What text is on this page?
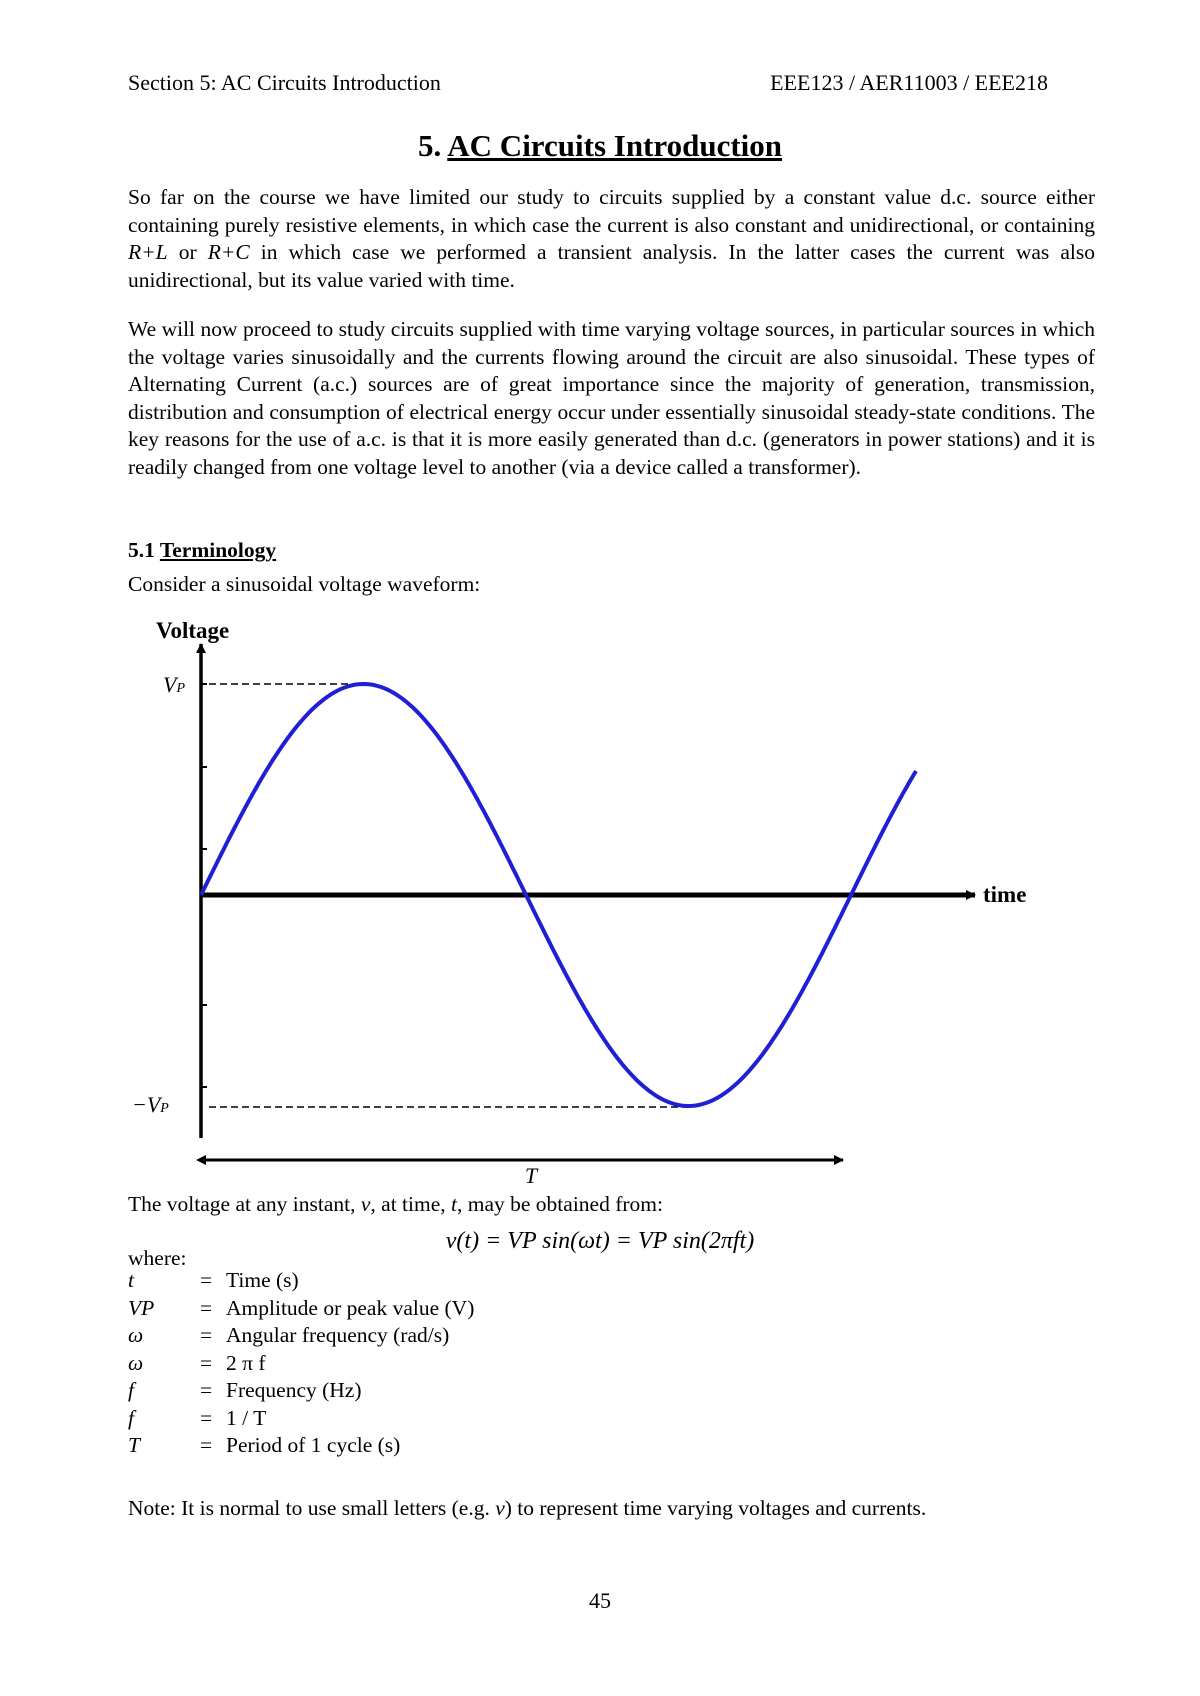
Section 5: AC Circuits Introduction	EEE123 / AER11003 / EEE218
5. AC Circuits Introduction

So far on the course we have limited our study to circuits supplied by a constant value d.c. source either containing purely resistive elements, in which case the current is also constant and unidirectional, or containing R+L or R+C in which case we performed a transient analysis. In the latter cases the current was also unidirectional, but its value varied with time.

We will now proceed to study circuits supplied with time varying voltage sources, in particular sources in which the voltage varies sinusoidally and the currents flowing around the circuit are also sinusoidal. These types of Alternating Current (a.c.) sources are of great importance since the majority of generation, transmission, distribution and consumption of electrical energy occur under essentially sinusoidal steady-state conditions. The key reasons for the use of a.c. is that it is more easily generated than d.c. (generators in power stations) and it is readily changed from one voltage level to another (via a device called a transformer).

5.1 Terminology
Consider a sinusoidal voltage waveform:
Voltage
time
VP
−VP
T
The voltage at any instant, v, at time, t, may be obtained from:
v(t) = VP sin(ωt) = VP sin(2πft)
where:
t	= Time (s)
VP	= Amplitude or peak value (V)
ω	= Angular frequency (rad/s)
ω	= 2 π f
f	= Frequency (Hz)
f	= 1 / T
T	= Period of 1 cycle (s)
Note: It is normal to use small letters (e.g. v) to represent time varying voltages and currents.
45
